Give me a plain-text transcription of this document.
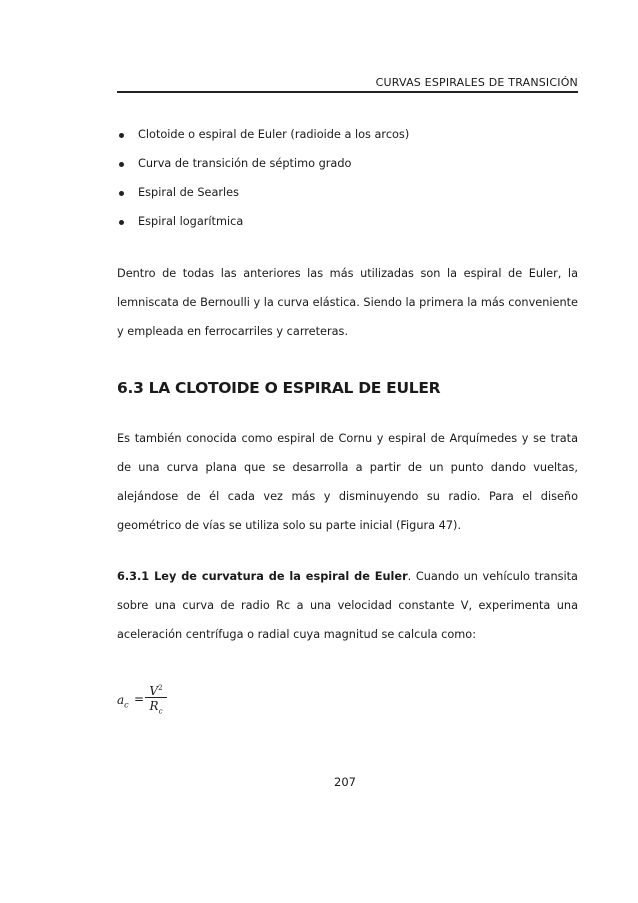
CURVAS ESPIRALES DE TRANSICIÓN
Clotoide o espiral de Euler (radioide a los arcos)
Curva de transición de séptimo grado
Espiral de Searles
Espiral logarítmica

Dentro de todas las anteriores las más utilizadas son la espiral de Euler, la lemniscata de Bernoulli y la curva elástica. Siendo la primera la más conveniente y empleada en ferrocarriles y carreteras.

6.3 LA CLOTOIDE O ESPIRAL DE EULER

Es también conocida como espiral de Cornu y espiral de Arquímedes y se trata de una curva plana que se desarrolla a partir de un punto dando vueltas, alejándose de él cada vez más y disminuyendo su radio. Para el diseño geométrico de vías se utiliza solo su parte inicial (Figura 47).

6.3.1 Ley de curvatura de la espiral de Euler. Cuando un vehículo transita sobre una curva de radio Rc a una velocidad constante V, experimenta una aceleración centrífuga o radial cuya magnitud se calcula como:

$a_c$ =
$V^2$
$R_c$
207
